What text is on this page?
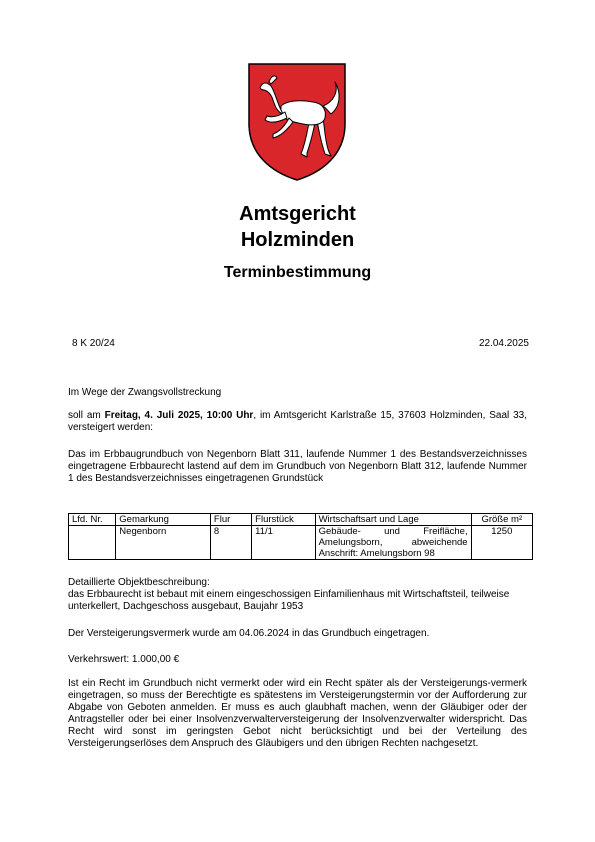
Amtsgericht
Holzminden
Terminbestimmung
8 K 20/24	22.04.2025
Im Wege der Zwangsvollstreckung
soll am Freitag, 4. Juli 2025, 10:00 Uhr, im Amtsgericht Karlstraße 15, 37603 Holzminden, Saal 33, versteigert werden:
Das im Erbbaugrundbuch von Negenborn Blatt 311, laufende Nummer 1 des Bestandsverzeichnisses eingetragene Erbbaurecht lastend auf dem im Grundbuch von Negenborn Blatt 312, laufende Nummer 1 des Bestandsverzeichnisses eingetragenen Grundstück
Lfd. Nr.	Gemarkung	Flur	Flurstück	Wirtschaftsart und Lage	Größe m²
	Negenborn	8	11/1	Gebäude- und Freifläche, Amelungsborn, abweichende Anschrift: Amelungsborn 98	1250
Detaillierte Objektbeschreibung:
das Erbbaurecht ist bebaut mit einem eingeschossigen Einfamilienhaus mit Wirtschaftsteil, teilweise unterkellert, Dachgeschoss ausgebaut, Baujahr 1953
Der Versteigerungsvermerk wurde am 04.06.2024 in das Grundbuch eingetragen.
Verkehrswert: 1.000,00 €
Ist ein Recht im Grundbuch nicht vermerkt oder wird ein Recht später als der Versteigerungs-vermerk eingetragen, so muss der Berechtigte es spätestens im Versteigerungstermin vor der Aufforderung zur Abgabe von Geboten anmelden. Er muss es auch glaubhaft machen, wenn der Gläubiger oder der Antragsteller oder bei einer Insolvenzverwalterversteigerung der Insolvenzverwalter widerspricht. Das Recht wird sonst im geringsten Gebot nicht berücksichtigt und bei der Verteilung des Versteigerungserlöses dem Anspruch des Gläubigers und den übrigen Rechten nachgesetzt.
